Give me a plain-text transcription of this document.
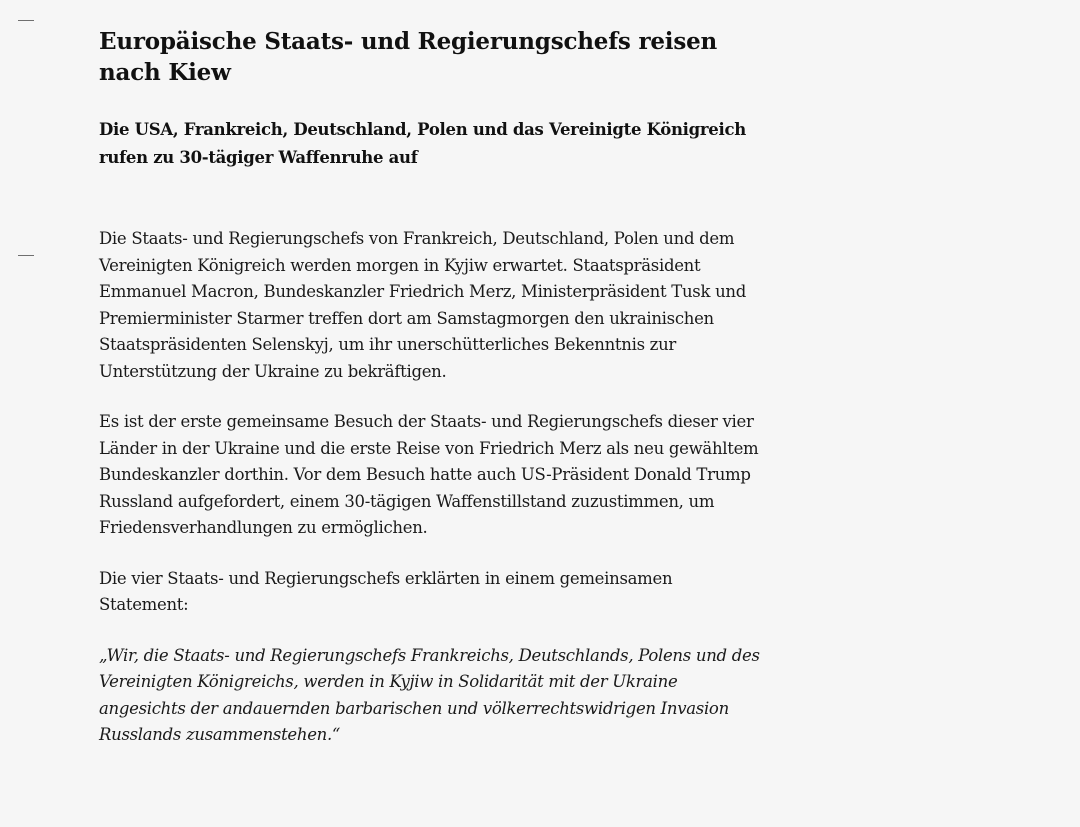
Europäische Staats- und Regierungschefs reisen nach Kiew
Die USA, Frankreich, Deutschland, Polen und das Vereinigte Königreich rufen zu 30-tägiger Waffenruhe auf

Die Staats- und Regierungschefs von Frankreich, Deutschland, Polen und dem Vereinigten Königreich werden morgen in Kyjiw erwartet. Staatspräsident Emmanuel Macron, Bundeskanzler Friedrich Merz, Ministerpräsident Tusk und Premierminister Starmer treffen dort am Samstagmorgen den ukrainischen Staatspräsidenten Selenskyj, um ihr unerschütterliches Bekenntnis zur Unterstützung der Ukraine zu bekräftigen.

Es ist der erste gemeinsame Besuch der Staats- und Regierungschefs dieser vier Länder in der Ukraine und die erste Reise von Friedrich Merz als neu gewähltem Bundeskanzler dorthin. Vor dem Besuch hatte auch US-Präsident Donald Trump Russland aufgefordert, einem 30-tägigen Waffenstillstand zuzustimmen, um Friedensverhandlungen zu ermöglichen.

Die vier Staats- und Regierungschefs erklärten in einem gemeinsamen Statement:

„Wir, die Staats- und Regierungschefs Frankreichs, Deutschlands, Polens und des Vereinigten Königreichs, werden in Kyjiw in Solidarität mit der Ukraine angesichts der andauernden barbarischen und völkerrechtswidrigen Invasion Russlands zusammenstehen.“
